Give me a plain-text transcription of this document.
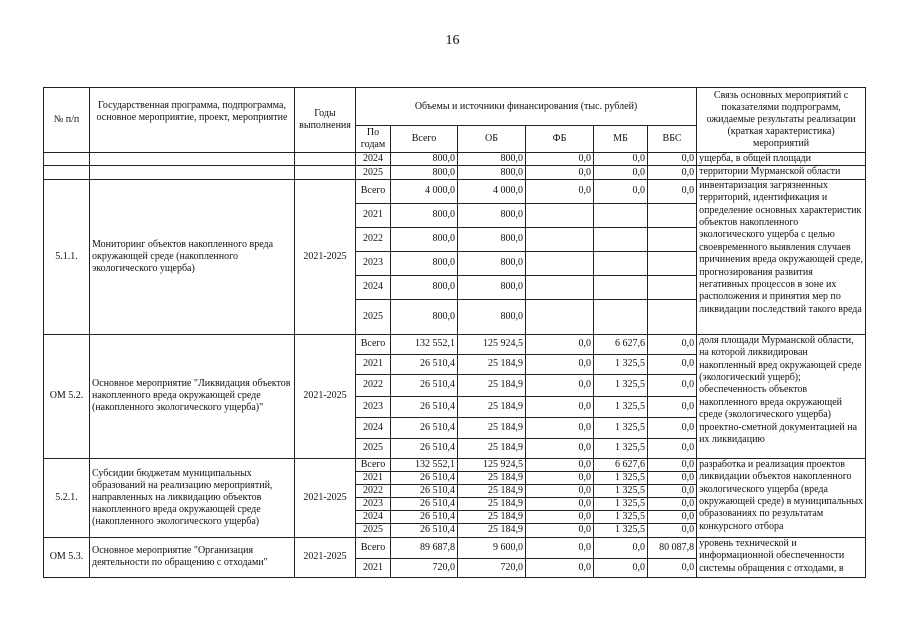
16
№ п/п	Государственная программа, подпрограмма, основное мероприятие, проект, мероприятие	Годы выполнения	Объемы и источники финансирования (тыс. рублей)						Связь основных мероприятий с показателями подпрограмм, ожидаемые результаты реализации (краткая характеристика) мероприятий
			По годам	Всего	ОБ	ФБ	МБ	ВБС	
			2024	800,0	800,0	0,0	0,0	0,0	ущерба, в общей площади
			2025	800,0	800,0	0,0	0,0	0,0	территории Мурманской области
5.1.1.	Мониторинг объектов накопленного вреда окружающей среде (накопленного экологического ущерба)	2021-2025	Всего	4 000,0	4 000,0	0,0	0,0	0,0	инвентаризация загрязненных территорий, идентификация и определение основных характеристик объектов накопленного экологического ущерба с целью своевременного выявления случаев причинения вреда окружающей среде, прогнозирования развития негативных процессов в зоне их расположения и принятия мер по ликвидации последствий такого вреда
			2021	800,0	800,0				
			2022	800,0	800,0				
			2023	800,0	800,0				
			2024	800,0	800,0				
			2025	800,0	800,0				
ОМ 5.2.	Основное мероприятие "Ликвидация объектов накопленного вреда окружающей среде (накопленного экологического ущерба)"	2021-2025	Всего	132 552,1	125 924,5	0,0	6 627,6	0,0	доля площади Мурманской области, на которой ликвидирован накопленный вред окружающей среде (экологический ущерб); обеспеченность объектов накопленного вреда окружающей среде (экологического ущерба) проектно-сметной документацией на их ликвидацию
			2021	26 510,4	25 184,9	0,0	1 325,5	0,0	
			2022	26 510,4	25 184,9	0,0	1 325,5	0,0	
			2023	26 510,4	25 184,9	0,0	1 325,5	0,0	
			2024	26 510,4	25 184,9	0,0	1 325,5	0,0	
			2025	26 510,4	25 184,9	0,0	1 325,5	0,0	
5.2.1.	Субсидии бюджетам муниципальных образований на реализацию мероприятий, направленных на ликвидацию объектов накопленного вреда окружающей среде (накопленного экологического ущерба)	2021-2025	Всего	132 552,1	125 924,5	0,0	6 627,6	0,0	разработка и реализация проектов ликвидации объектов накопленного экологического ущерба (вреда окружающей среде) в муниципальных образованиях по результатам конкурсного отбора
			2021	26 510,4	25 184,9	0,0	1 325,5	0,0	
			2022	26 510,4	25 184,9	0,0	1 325,5	0,0	
			2023	26 510,4	25 184,9	0,0	1 325,5	0,0	
			2024	26 510,4	25 184,9	0,0	1 325,5	0,0	
			2025	26 510,4	25 184,9	0,0	1 325,5	0,0	
ОМ 5.3.	Основное мероприятие "Организация деятельности по обращению с отходами"	2021-2025	Всего	89 687,8	9 600,0	0,0	0,0	80 087,8	уровень технической и информационной обеспеченности системы обращения с отходами, в
			2021	720,0	720,0	0,0	0,0	0,0	
